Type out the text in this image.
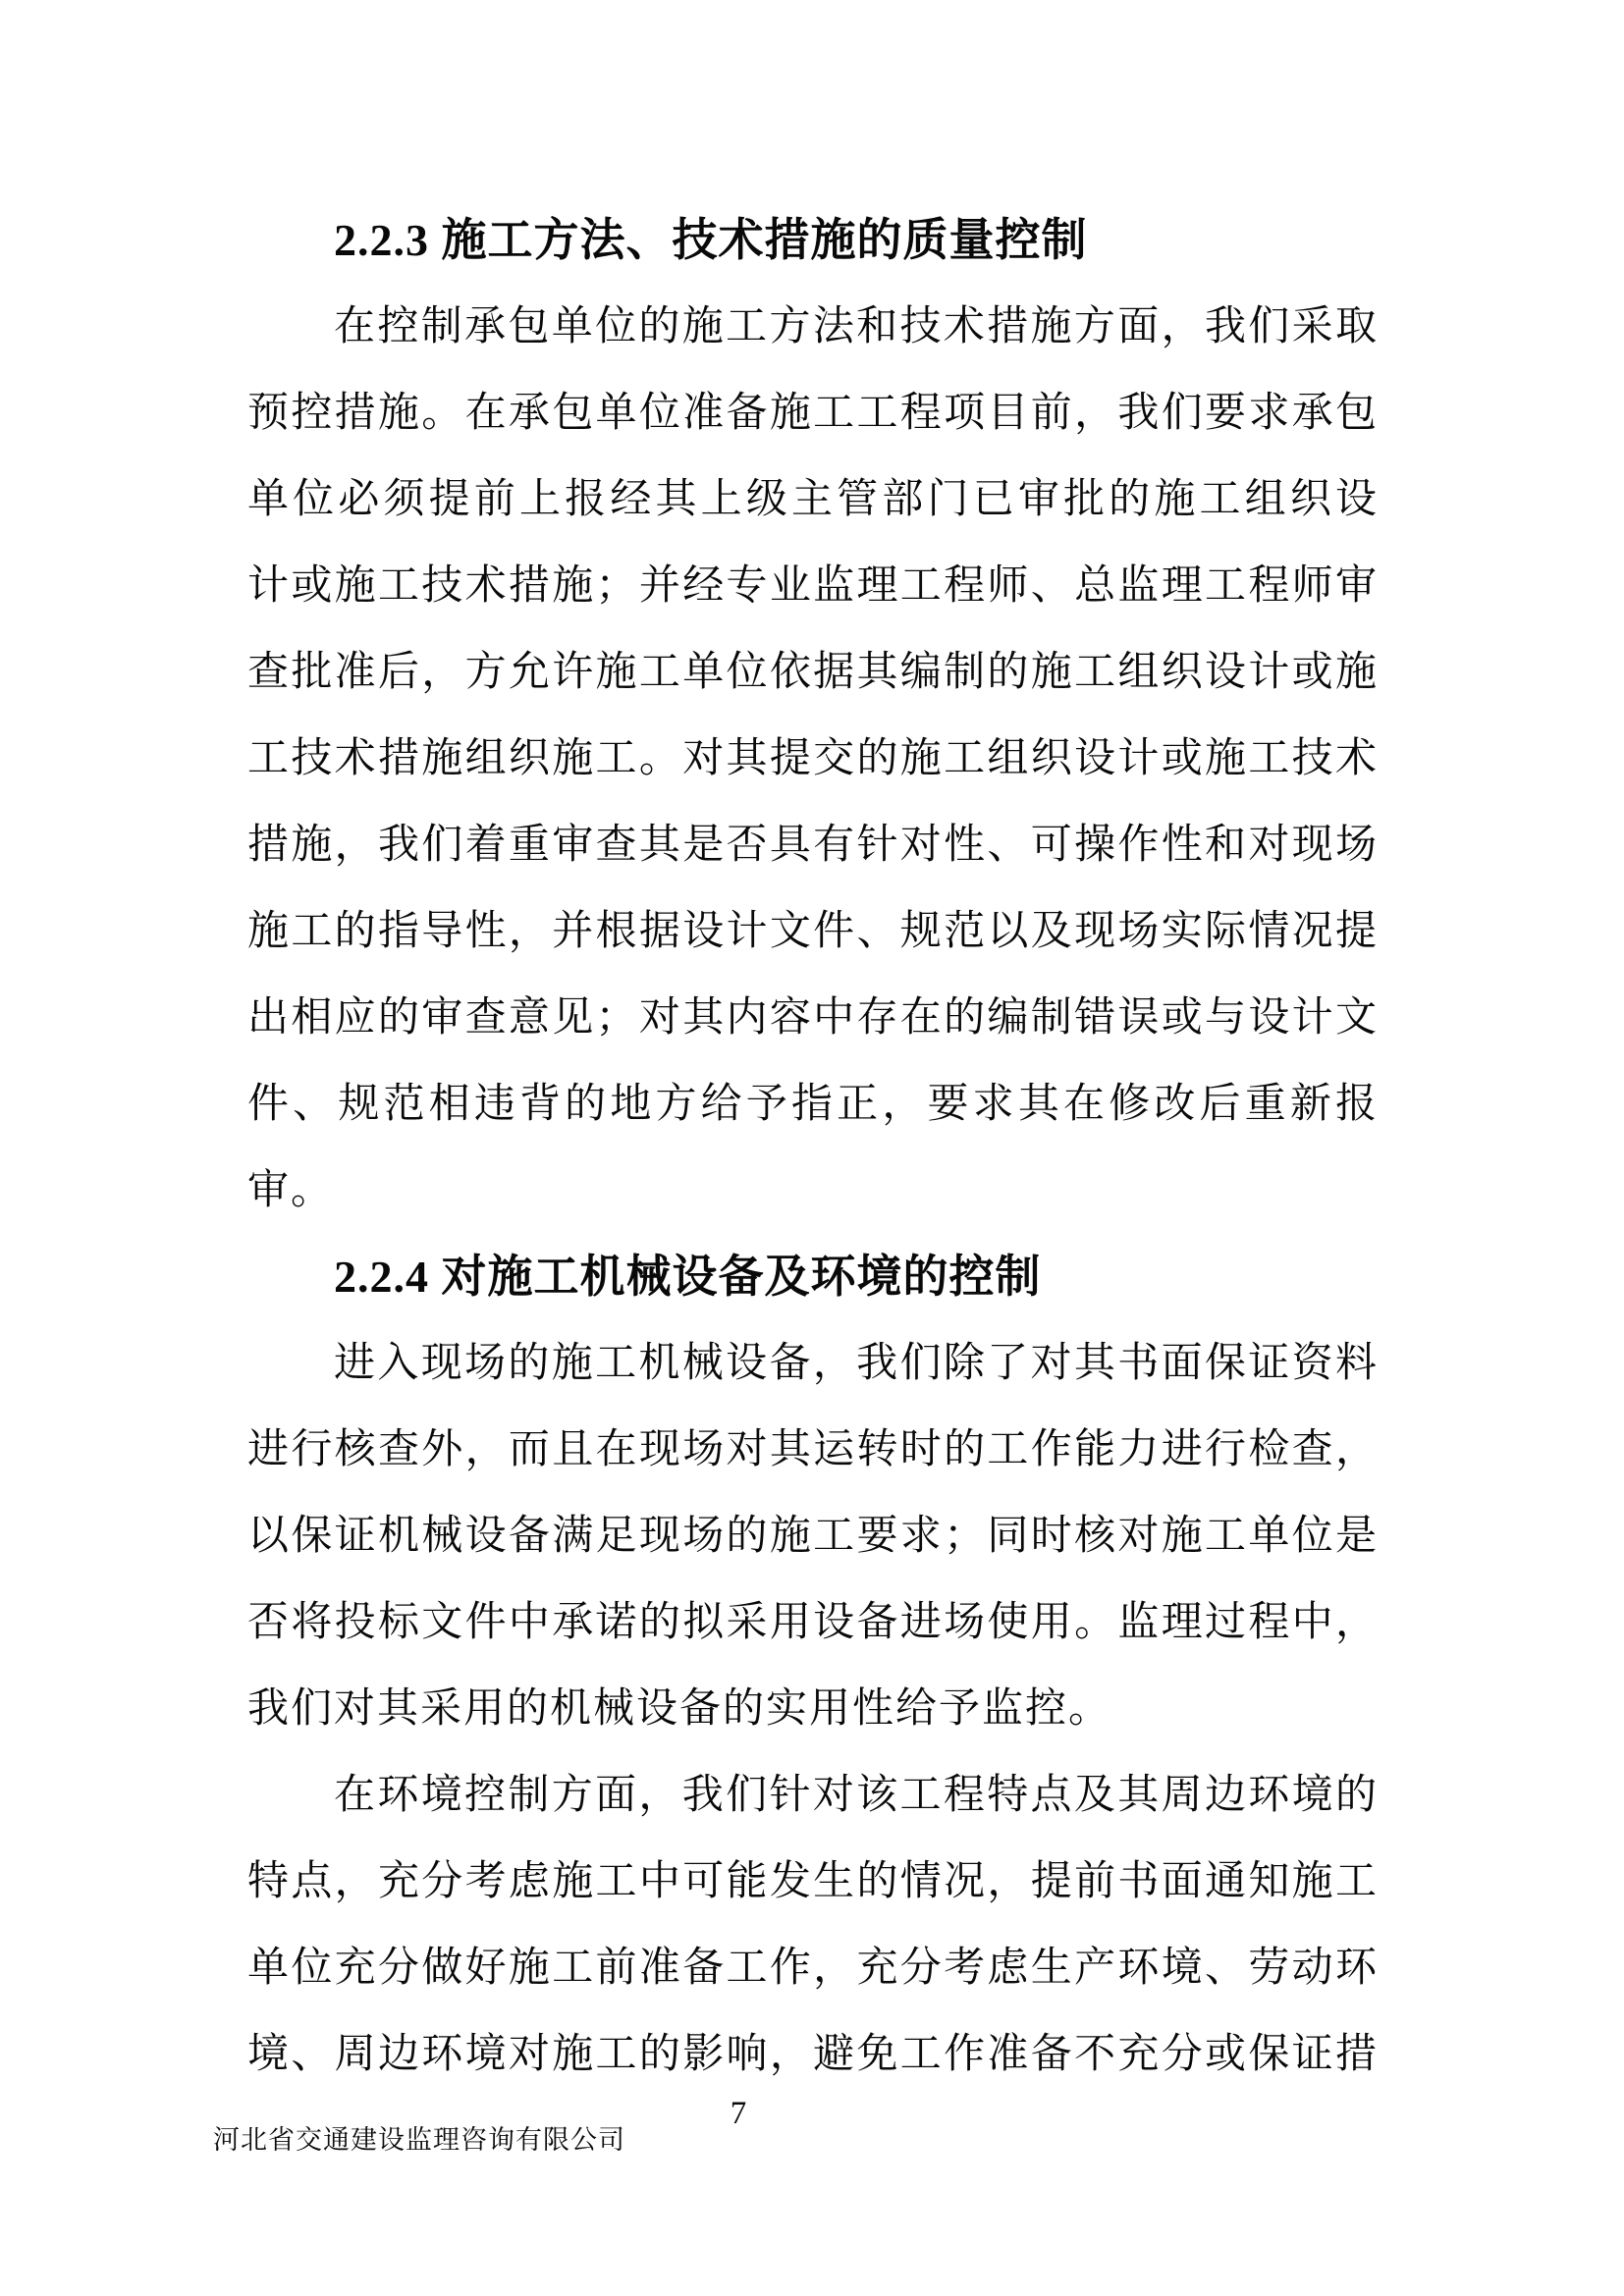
2.2.3 施工方法、技术措施的质量控制
在控制承包单位的施工方法和技术措施方面，我们采取
预控措施。在承包单位准备施工工程项目前，我们要求承包
单位必须提前上报经其上级主管部门已审批的施工组织设
计或施工技术措施；并经专业监理工程师、总监理工程师审
查批准后，方允许施工单位依据其编制的施工组织设计或施
工技术措施组织施工。对其提交的施工组织设计或施工技术
措施，我们着重审查其是否具有针对性、可操作性和对现场
施工的指导性，并根据设计文件、规范以及现场实际情况提
出相应的审查意见；对其内容中存在的编制错误或与设计文
件、规范相违背的地方给予指正，要求其在修改后重新报
审。
2.2.4 对施工机械设备及环境的控制
进入现场的施工机械设备，我们除了对其书面保证资料
进行核查外，而且在现场对其运转时的工作能力进行检查，
以保证机械设备满足现场的施工要求；同时核对施工单位是
否将投标文件中承诺的拟采用设备进场使用。监理过程中，
我们对其采用的机械设备的实用性给予监控。
在环境控制方面，我们针对该工程特点及其周边环境的
特点，充分考虑施工中可能发生的情况，提前书面通知施工
单位充分做好施工前准备工作，充分考虑生产环境、劳动环
境、周边环境对施工的影响，避免工作准备不充分或保证措
7
河北省交通建设监理咨询有限公司
